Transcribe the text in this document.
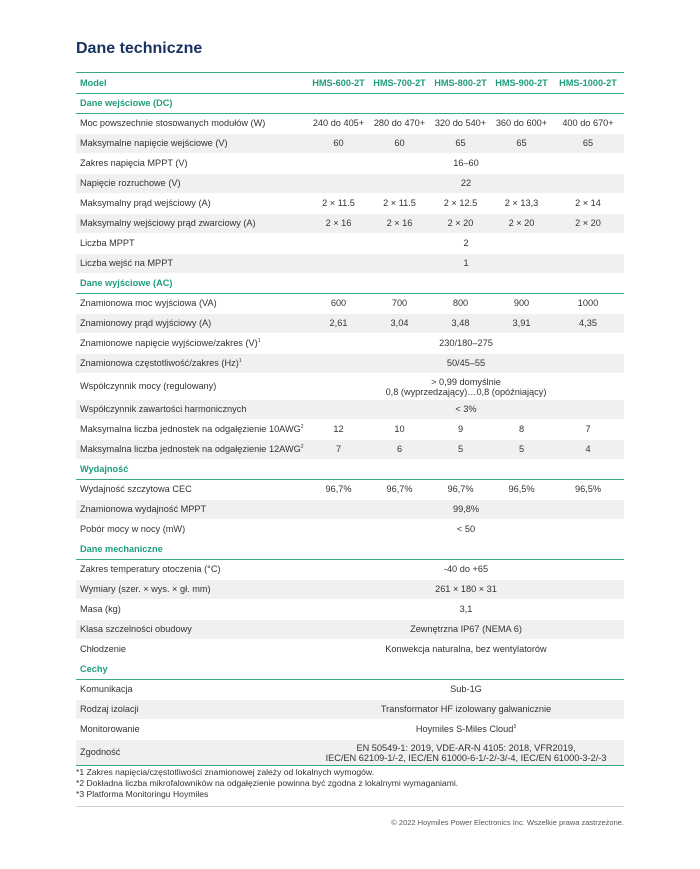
Dane techniczne
Model	HMS-600-2T	HMS-700-2T	HMS-800-2T	HMS-900-2T	HMS-1000-2T
Dane wejściowe (DC)					
Moc powszechnie stosowanych modułów (W)	240 do 405+	280 do 470+	320 do 540+	360 do 600+	400 do 670+
Maksymalne napięcie wejściowe (V)	60	60	65	65	65
Zakres napięcia MPPT (V)	16–60				
Napięcie rozruchowe (V)	22				
Maksymalny prąd wejściowy (A)	2 × 11.5	2 × 11.5	2 × 12.5	2 × 13,3	2 × 14
Maksymalny wejściowy prąd zwarciowy (A)	2 × 16	2 × 16	2 × 20	2 × 20	2 × 20
Liczba MPPT	2				
Liczba wejść na MPPT	1				
Dane wyjściowe (AC)					
Znamionowa moc wyjściowa (VA)	600	700	800	900	1000
Znamionowy prąd wyjściowy (A)	2,61	3,04	3,48	3,91	4,35
Znamionowe napięcie wyjściowe/zakres $(V)^1$	230/180–275				
Znamionowa częstotliwość/zakres $(Hz)^1$	50/45–55				
Współczynnik mocy (regulowany)	> 0,99 domyślnie
0,8 (wyprzedzający)…0,8 (opóźniający)				

Współczynnik zawartości harmonicznych	< 3%				
Maksymalna liczba jednostek na odgałęzienie 10AWG$^2$	12	10	9	8	7
Maksymalna liczba jednostek na odgałęzienie 12AWG$^2$	7	6	5	5	4
Wydajność					
Wydajność szczytowa CEC	96,7%	96,7%	96,7%	96,5%	96,5%
Znamionowa wydajność MPPT	99,8%				
Pobór mocy w nocy (mW)	< 50				
Dane mechaniczne					
Zakres temperatury otoczenia (°C)	-40 do +65				
Wymiary (szer. × wys. × gł. mm)	261 × 180 × 31				
Masa (kg)	3,1				
Klasa szczelności obudowy	Zewnętrzna IP67 (NEMA 6)				
Chłodzenie	Konwekcja naturalna, bez wentylatorów				
Cechy					
Komunikacja	Sub-1G				
Rodzaj izolacji	Transformator HF izolowany galwanicznie				
Monitorowanie	Hoymiles S-Miles Cloud$^3$
Zgodność	EN 50549-1: 2019, VDE-AR-N 4105: 2018, VFR2019,
IEC/EN 62109-1/-2, IEC/EN 61000-6-1/-2/-3/-4, IEC/EN 61000-3-2/-3				
*1 Zakres napięcia/częstotliwości znamionowej zależy od lokalnych wymogów.
*2 Dokładna liczba mikrofalowników na odgałęzienie powinna być zgodna z lokalnymi wymaganiami.
*3 Platforma Monitoringu Hoymiles
© 2022 Hoymiles Power Electronics Inc. Wszelkie prawa zastrzeżone.
